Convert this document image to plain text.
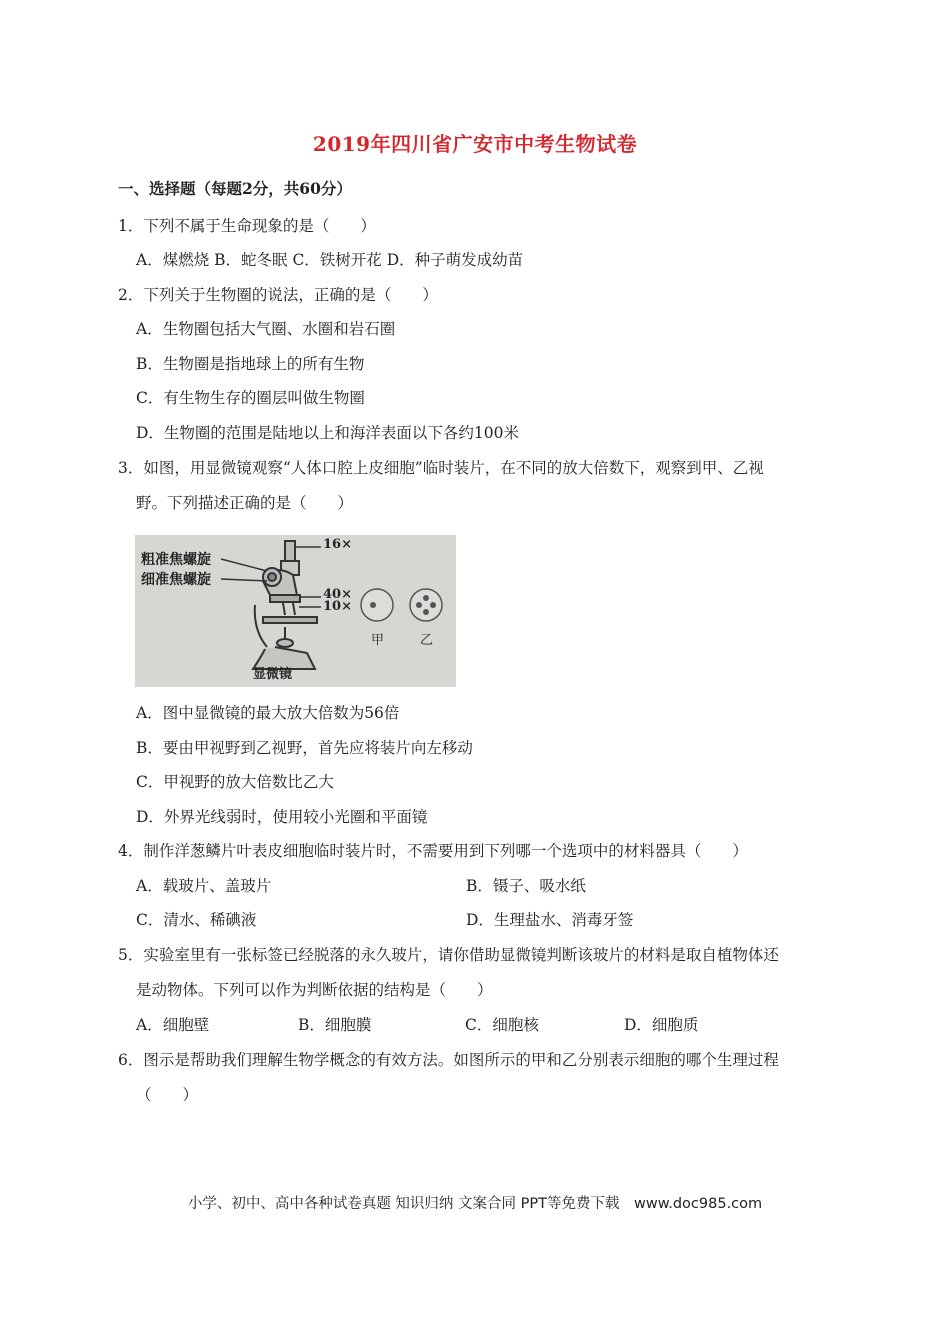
2019年四川省广安市中考生物试卷
一、选择题（每题2分，共60分）
1．下列不属于生命现象的是（　　）
A．煤燃烧 B．蛇冬眠 C．铁树开花 D．种子萌发成幼苗
2．下列关于生物圈的说法，正确的是（　　）
A．生物圈包括大气圈、水圈和岩石圈
B．生物圈是指地球上的所有生物
C．有生物生存的圈层叫做生物圈
D．生物圈的范围是陆地以上和海洋表面以下各约100米
3．如图，用显微镜观察“人体口腔上皮细胞”临时装片，在不同的放大倍数下，观察到甲、乙视
野。下列描述正确的是（　　）
粗准焦螺旋
细准焦螺旋
16×
40×
10×
甲	乙
显微镜
A．图中显微镜的最大放大倍数为56倍
B．要由甲视野到乙视野，首先应将装片向左移动
C．甲视野的放大倍数比乙大
D．外界光线弱时，使用较小光圈和平面镜
4．制作洋葱鳞片叶表皮细胞临时装片时，不需要用到下列哪一个选项中的材料器具（　　）
A．载玻片、盖玻片	B．镊子、吸水纸
C．清水、稀碘液	D．生理盐水、消毒牙签
5．实验室里有一张标签已经脱落的永久玻片，请你借助显微镜判断该玻片的材料是取自植物体还
是动物体。下列可以作为判断依据的结构是（　　）
A．细胞壁	B．细胞膜	C．细胞核	D．细胞质
6．图示是帮助我们理解生物学概念的有效方法。如图所示的甲和乙分别表示细胞的哪个生理过程
（　　）
小学、初中、高中各种试卷真题 知识归纳 文案合同 PPT等免费下载　www.doc985.com
